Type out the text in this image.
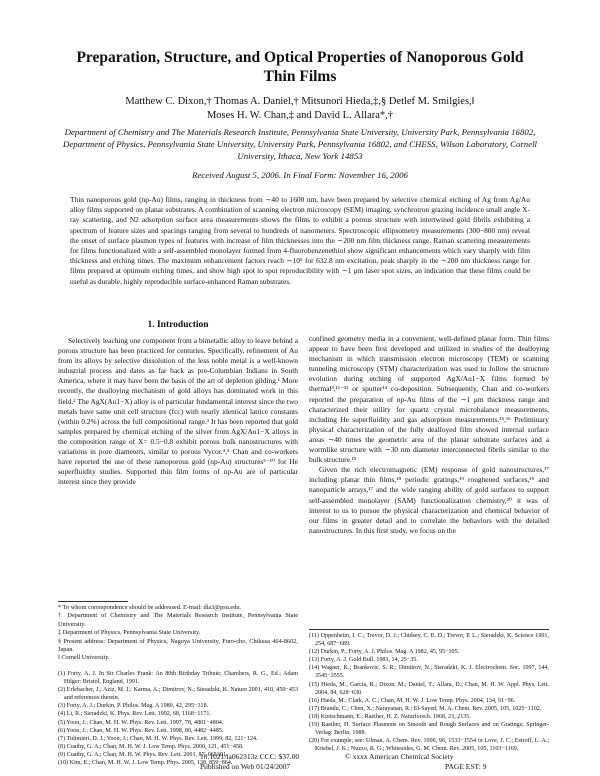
Preparation, Structure, and Optical Properties of Nanoporous Gold
Thin Films
Matthew C. Dixon,† Thomas A. Daniel,† Mitsunori Hieda,‡,§ Detlef M. Smilgies,‖
Moses H. W. Chan,‡ and David L. Allara*,†
Department of Chemistry and The Materials Research Institute, Pennsylvania State University, University Park, Pennsylvania 16802, Department of Physics, Pennsylvania State University, University Park, Pennsylvania 16802, and CHESS, Wilson Laboratory, Cornell University, Ithaca, New York 14853
Received August 5, 2006. In Final Form: November 16, 2006

Thin nanoporous gold (np-Au) films, ranging in thickness from ∼40 to 1600 nm, have been prepared by selective chemical etching of Ag from Ag/Au alloy films supported on planar substrates. A combination of scanning electron microscopy (SEM) imaging, synchrotron grazing incidence small angle X-ray scattering, and N2 adsorption surface area measurements shows the films to exhibit a porous structure with intertwined gold fibrils exhibiting a spectrum of feature sizes and spacings ranging from several to hundreds of nanometers. Spectroscopic ellipsometry measurements (300−800 nm) reveal the onset of surface plasmon types of features with increase of film thicknesses into the ∼200 nm film thickness range. Raman scattering measurements for films functionalized with a self-assembled monolayer formed from 4-fluorobenzenethiol show significant enhancements which vary sharply with film thickness and etching times. The maximum enhancement factors reach ∼10⁶ for 632.8 nm excitation, peak sharply in the ∼200 nm thickness range for films prepared at optimum etching times, and show high spot to spot reproducibility with ∼1 μm laser spot sizes, an indication that these films could be useful as durable, highly reproducible surface-enhanced Raman substrates.

1. Introduction

Selectively leaching one component from a bimetallic alloy to leave behind a porous structure has been practiced for centuries. Specifically, refinement of Au from its alloys by selective dissolution of the less noble metal is a well-known industrial process and dates as far back as pre-Columbian Indians in South America, where it may have been the basis of the art of depletion gilding.¹ More recently, the dealloying mechanism of gold alloys has dominated work in this field.² The AgX(Au1−X) alloy is of particular fundamental interest since the two metals have same unit cell structure (fcc) with nearly identical lattice constants (within 0.2%) across the full compositional range.³ It has been reported that gold samples prepared by chemical etching of the silver from AgX/Au1−X alloys in the composition range of X= 0.5−0.8 exhibit porous bulk nanostructures with variations in pore diameters, similar to porous Vycor.⁴,⁵ Chan and co-workers have reported the use of these nanoporous gold (np-Au) structures⁵⁻¹⁰ for He superfluidity studies. Supported thin film forms of np-Au are of particular interest since they provide

confined geometry media in a convenient, well-defined planar form. Thin films appear to have been first developed and utilized in studies of the dealloying mechanism in which transmission electron microscopy (TEM) or scanning tunneling microscopy (STM) characterization was used to follow the structure evolution during etching of supported AgX/Au1−X films formed by thermal³,¹¹⁻¹³ or sputter¹⁴ co-deposition. Subsequently, Chan and co-workers reported the preparation of np-Au films of the ∼1 μm thickness range and characterized their utility for quartz crystal microbalance measurements, including He superfluidity and gas adsorption measurements.¹⁵,¹⁶ Preliminary physical characterization of the fully dealloyed film showed internal surface areas ∼40 times the geometric area of the planar substrate surfaces and a wormlike structure with ∼30 nm diameter interconnected fibrils similar to the bulk structure.¹⁵

Given the rich electromagnetic (EM) response of gold nanostructures,¹⁷ including planar thin films,¹⁸ periodic gratings,¹⁹ roughened surfaces,¹⁹ and nanoparticle arrays,¹⁷ and the wide ranging ability of gold surfaces to support self-assembled monolayer (SAM) functionalization chemistry,²⁰ it was of interest to us to pursue the physical characterization and chemical behavior of our films in greater detail and to correlate the behaviors with the detailed nanostructures. In this first study, we focus on the

* To whom correspondence should be addressed. E-mail: dla3@psu.edu.

† Department of Chemistry and The Materials Research Institute, Pennsylvania State University.

‡ Department of Physics, Pennsylvania State University.

§ Present address: Department of Physics, Nagoya University, Furo-cho, Chikusa 464-8602, Japan.

‖ Cornell University.

(1) Forty, A. J. In Sir Charles Frank: An 80th Birthday Tribute; Chambers, R. G., Ed.; Adam Hilger: Bristol, England, 1991.

(2) Erlebacher, J.; Aziz, M. J.; Karma, A.; Dimitrov, N.; Sieradzki, K. Nature 2001, 410, 450−453 and references therein.

(3) Forty, A. J.; Durkin, P. Philos. Mag. A 1980, 42, 295−318.

(4) Li, R.; Sieradzki, K. Phys. Rev. Lett. 1992, 68, 1168−1171.

(5) Yoon, J.; Chan, M. H. W. Phys. Rev. Lett. 1997, 78, 4801−4804.

(6) Yoon, J.; Chan, M. H. W. Phys. Rev. Lett. 1998, 80, 4482−4485.

(7) Tulimieri, D. J.; Yoon, J.; Chan, M. H. W. Phys. Rev. Lett. 1999, 82, 121−124.

(8) Cuathy, G. A.; Chan, M. H. W. J. Low Temp. Phys. 2000, 121, 451−458.

(9) Cuathy, G. A.; Chan, M. H. W. Phys. Rev. Lett. 2001, 87, 065301.

(10) Kim, E.; Chan, M. H. W. J. Low Temp. Phys. 2005, 138, 859−864.

(11) Oppenheim, I. C.; Trevor, D. J.; Chidsey, C. E. D.; Trevor, P. L.; Sieradzki, K. Science 1991, 254, 687−689.

(12) Durkin, P.; Forty, A. J. Philos. Mag. A 1982, 45, 95−105.

(13) Forty, A. J. Gold Bull. 1981, 14, 25−35.

(14) Wagner, K.; Brankovic, S. R.; Dimitrov, N.; Sieradzki, K. J. Electrochem. Soc. 1997, 144, 3545−3555.

(15) Hieda, M.; Garcia, R.; Dixon, M.; Daniel, T.; Allara, D.; Chan, M. H. W. Appl. Phys. Lett. 2004, 84, 628−630.

(16) Hieda, M.; Clark, A. C.; Chan, M. H. W. J. Low Temp. Phys. 2004, 134, 91−96.

(17) Brandu, C.; Chen, X.; Narayanan, R.; El-Sayed, M. A. Chem. Rev. 2005, 105, 1025−1102.

(18) Kretschmann, E.; Raether, H. Z. Naturforsch. 1968, 23, 2135.

(19) Raether, H. Surface Plasmons on Smooth and Rough Surfaces and on Gratings; Springer-Verlag: Berlin, 1988.

(20) For example, see: Ulman, A. Chem. Rev. 1996, 96, 1533−1554 or Love, J. C.; Estroff, L. A.; Kriebel, J. K.; Nuzzo, R. G.; Whitesides, G. M. Chem. Rev. 2005, 105, 1103−1169.

10.1021/la062313z CCC: $37.00	© xxxx American Chemical Society
Published on Web 01/24/2007	PAGE EST: 9
